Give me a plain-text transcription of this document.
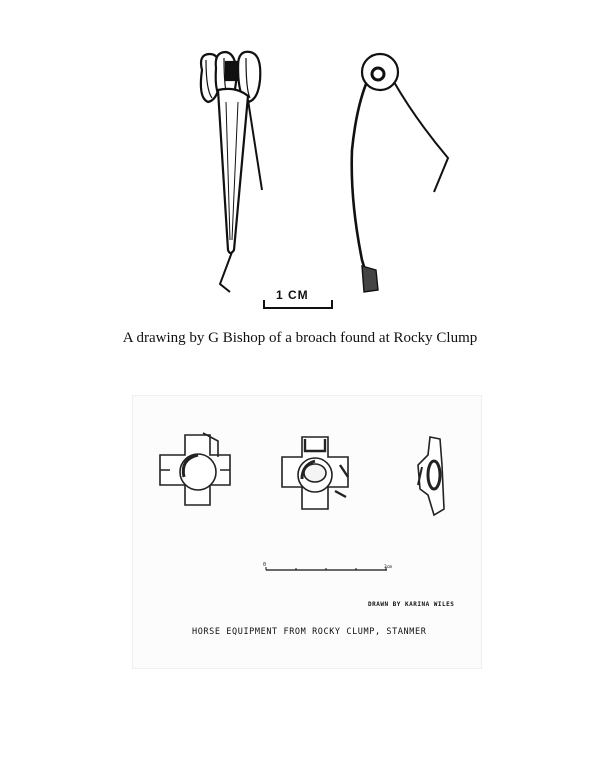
1 CM
A drawing by G Bishop of a broach found at Rocky Clump
0	3cm
DRAWN BY KARINA WILES
HORSE EQUIPMENT FROM ROCKY CLUMP, STANMER
